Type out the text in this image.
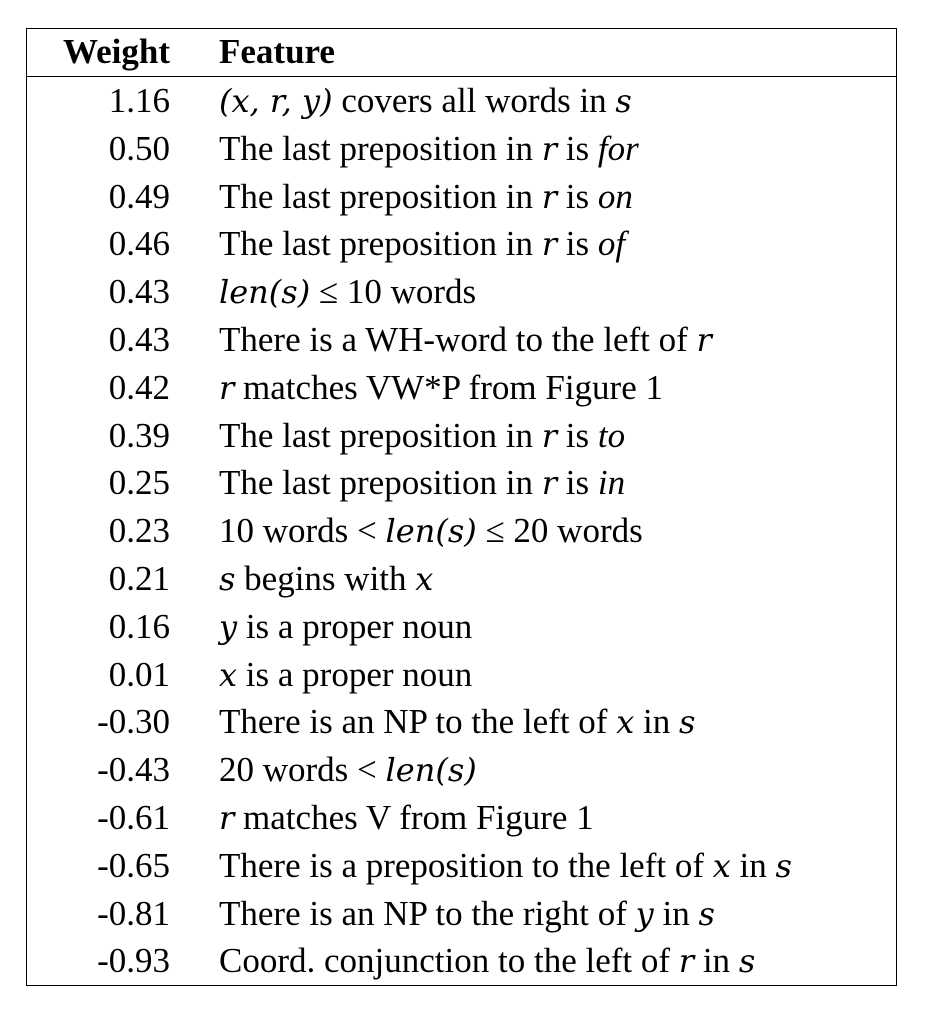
Weight Feature
1.16 (x, r, y) covers all words in s
0.50 The last preposition in r is for
0.49 The last preposition in r is on
0.46 The last preposition in r is of
0.43 len(s) ≤ 10 words
0.43 There is a WH-word to the left of r
0.42 r matches VW*P from Figure 1
0.39 The last preposition in r is to
0.25 The last preposition in r is in
0.23 10 words < len(s) ≤ 20 words
0.21 s begins with x
0.16 y is a proper noun
0.01 x is a proper noun
-0.30 There is an NP to the left of x in s
-0.43 20 words < len(s)
-0.61 r matches V from Figure 1
-0.65 There is a preposition to the left of x in s
-0.81 There is an NP to the right of y in s
-0.93 Coord. conjunction to the left of r in s
